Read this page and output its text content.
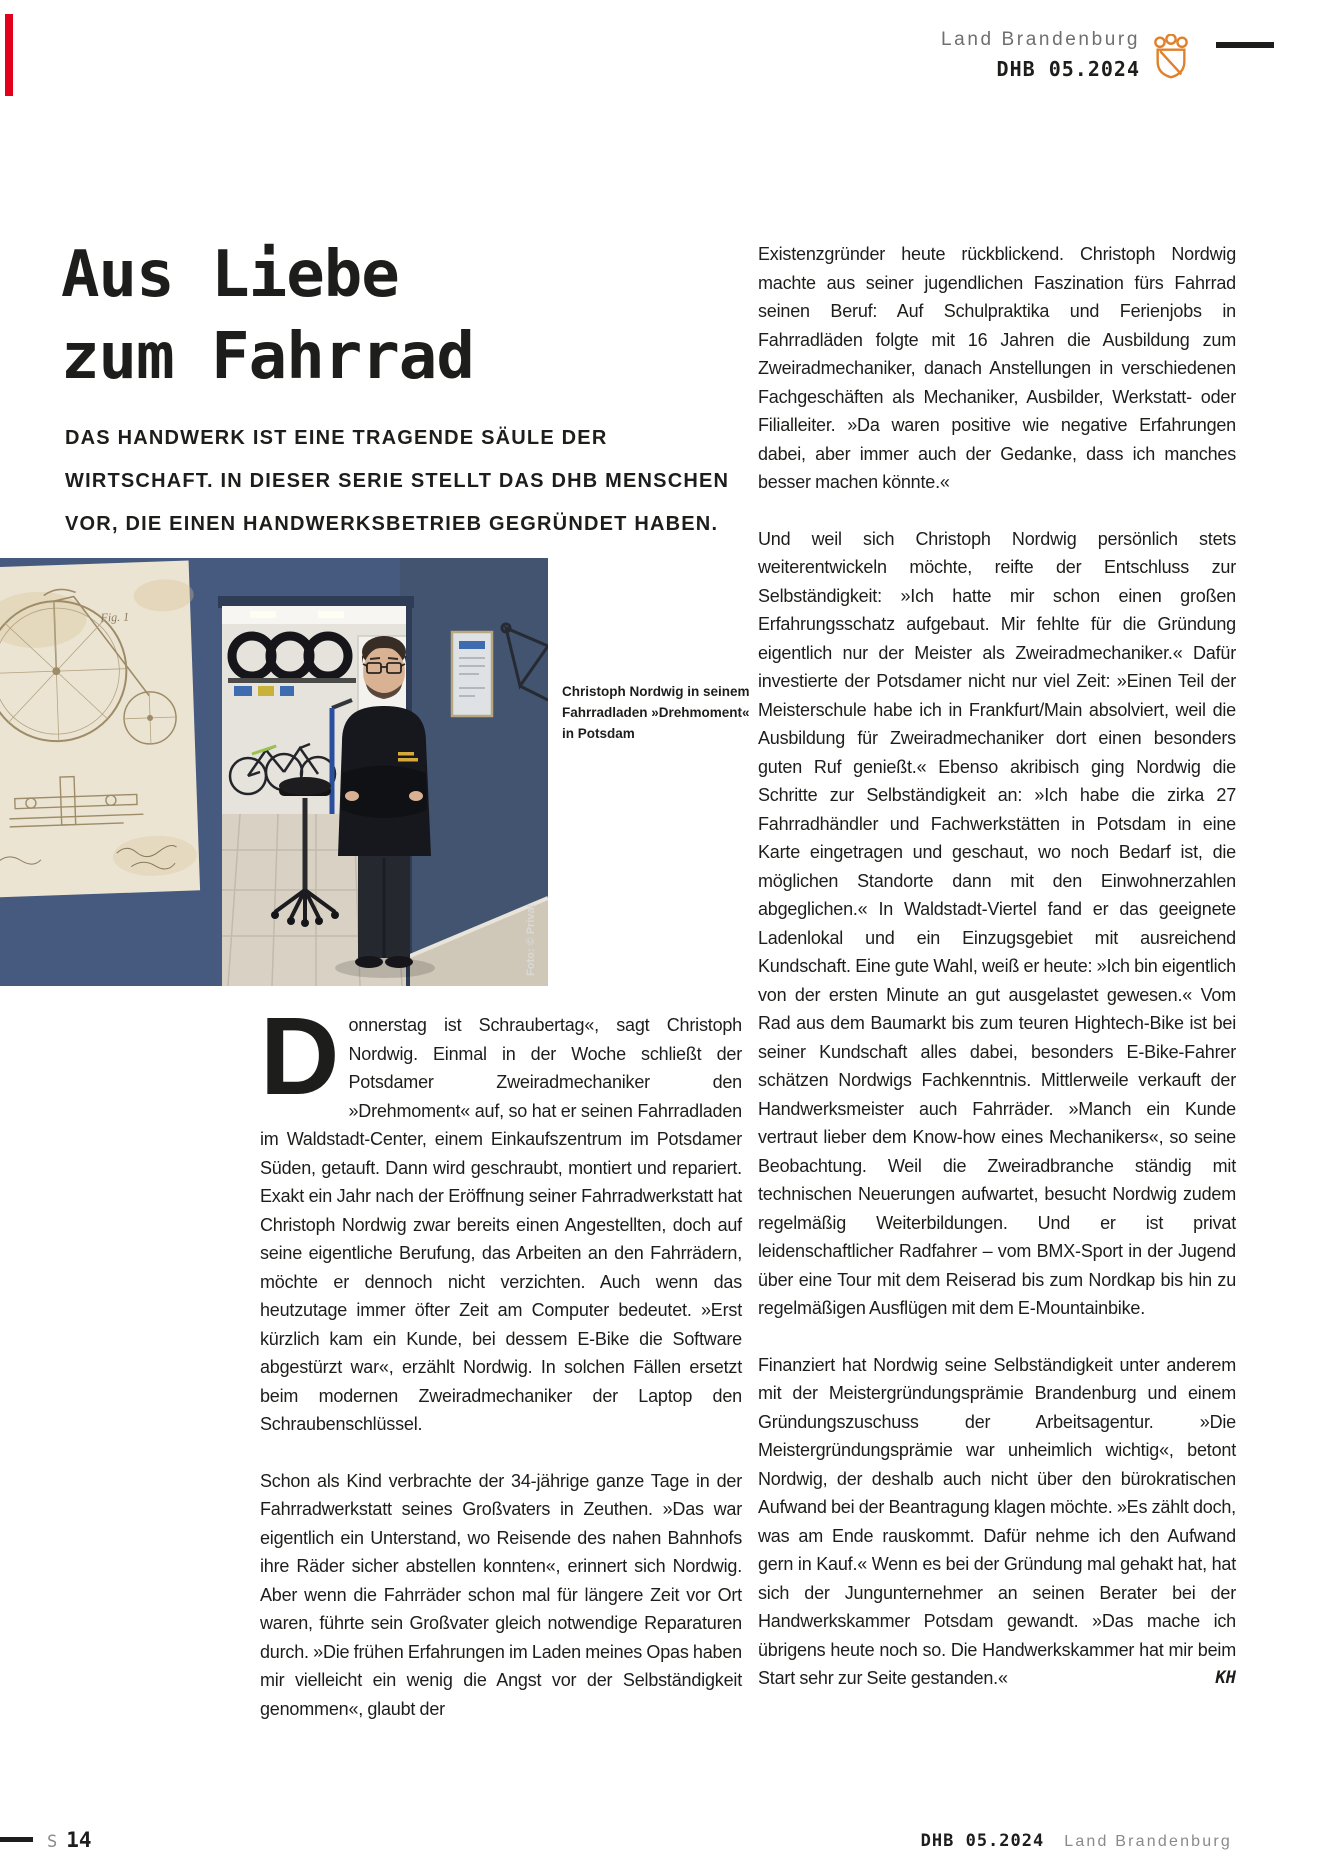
Land Brandenburg
DHB 05.2024
Aus Liebe
zum Fahrrad
DAS HANDWERK IST EINE TRAGENDE SÄULE DER WIRTSCHAFT. IN DIESER SERIE STELLT DAS DHB MENSCHEN VOR, DIE EINEN HANDWERKSBETRIEB GEGRÜNDET HABEN.
Fig. 1
Foto: © Privat
Christoph Nordwig in seinem Fahrradladen »Drehmoment« in Potsdam

Donnerstag ist Schraubertag«, sagt Christoph Nordwig. Einmal in der Woche schließt der Potsdamer Zweiradmechaniker den »Drehmoment« auf, so hat er seinen Fahrradladen im Waldstadt-Center, einem Einkaufszentrum im Potsdamer Süden, getauft. Dann wird geschraubt, montiert und repariert. Exakt ein Jahr nach der Eröffnung seiner Fahrradwerkstatt hat Christoph Nordwig zwar bereits einen Angestellten, doch auf seine eigentliche Berufung, das Arbeiten an den Fahrrädern, möchte er dennoch nicht verzichten. Auch wenn das heutzutage immer öfter Zeit am Computer bedeutet. »Erst kürzlich kam ein Kunde, bei dessem E-Bike die Software abgestürzt war«, erzählt Nordwig. In solchen Fällen ersetzt beim modernen Zweiradmechaniker der Laptop den Schraubenschlüssel.

Schon als Kind verbrachte der 34-jährige ganze Tage in der Fahrradwerkstatt seines Großvaters in Zeuthen. »Das war eigentlich ein Unterstand, wo Reisende des nahen Bahnhofs ihre Räder sicher abstellen konnten«, erinnert sich Nordwig. Aber wenn die Fahrräder schon mal für längere Zeit vor Ort waren, führte sein Großvater gleich notwendige Reparaturen durch. »Die frühen Erfahrungen im Laden meines Opas haben mir vielleicht ein wenig die Angst vor der Selbständigkeit genommen«, glaubt der

Existenzgründer heute rückblickend. Christoph Nordwig machte aus seiner jugendlichen Faszination fürs Fahrrad seinen Beruf: Auf Schulpraktika und Ferienjobs in Fahrradläden folgte mit 16 Jahren die Ausbildung zum Zweiradmechaniker, danach Anstellungen in verschiedenen Fachgeschäften als Mechaniker, Ausbilder, Werkstatt- oder Filialleiter. »Da waren positive wie negative Erfahrungen dabei, aber immer auch der Gedanke, dass ich manches besser machen könnte.«

Und weil sich Christoph Nordwig persönlich stets weiterentwickeln möchte, reifte der Entschluss zur Selbständigkeit: »Ich hatte mir schon einen großen Erfahrungsschatz aufgebaut. Mir fehlte für die Gründung eigentlich nur der Meister als Zweiradmechaniker.« Dafür investierte der Potsdamer nicht nur viel Zeit: »Einen Teil der Meisterschule habe ich in Frankfurt/Main absolviert, weil die Ausbildung für Zweiradmechaniker dort einen besonders guten Ruf genießt.« Ebenso akribisch ging Nordwig die Schritte zur Selbständigkeit an: »Ich habe die zirka 27 Fahrradhändler und Fachwerkstätten in Potsdam in eine Karte eingetragen und geschaut, wo noch Bedarf ist, die möglichen Standorte dann mit den Einwohnerzahlen abgeglichen.« In Waldstadt-Viertel fand er das geeignete Ladenlokal und ein Einzugsgebiet mit ausreichend Kundschaft. Eine gute Wahl, weiß er heute: »Ich bin eigentlich von der ersten Minute an gut ausgelastet gewesen.« Vom Rad aus dem Baumarkt bis zum teuren Hightech-Bike ist bei seiner Kundschaft alles dabei, besonders E-Bike-Fahrer schätzen Nordwigs Fachkenntnis. Mittlerweile verkauft der Handwerksmeister auch Fahrräder. »Manch ein Kunde vertraut lieber dem Know-how eines Mechanikers«, so seine Beobachtung. Weil die Zweiradbranche ständig mit technischen Neuerungen aufwartet, besucht Nordwig zudem regelmäßig Weiterbildungen. Und er ist privat leidenschaftlicher Radfahrer – vom BMX-Sport in der Jugend über eine Tour mit dem Reiserad bis zum Nordkap bis hin zu regelmäßigen Ausflügen mit dem E-Mountainbike.

Finanziert hat Nordwig seine Selbständigkeit unter anderem mit der Meistergründungsprämie Brandenburg und einem Gründungszuschuss der Arbeitsagentur. »Die Meistergründungsprämie war unheimlich wichtig«, betont Nordwig, der deshalb auch nicht über den bürokratischen Aufwand bei der Beantragung klagen möchte. »Es zählt doch, was am Ende rauskommt. Dafür nehme ich den Aufwand gern in Kauf.« Wenn es bei der Gründung mal gehakt hat, hat sich der Jungunternehmer an seinen Berater bei der Handwerkskammer Potsdam gewandt. »Das mache ich übrigens heute noch so. Die Handwerkskammer hat mir beim Start sehr zur Seite gestanden.«	KH

S 14	DHB 05.2024 Land Brandenburg
